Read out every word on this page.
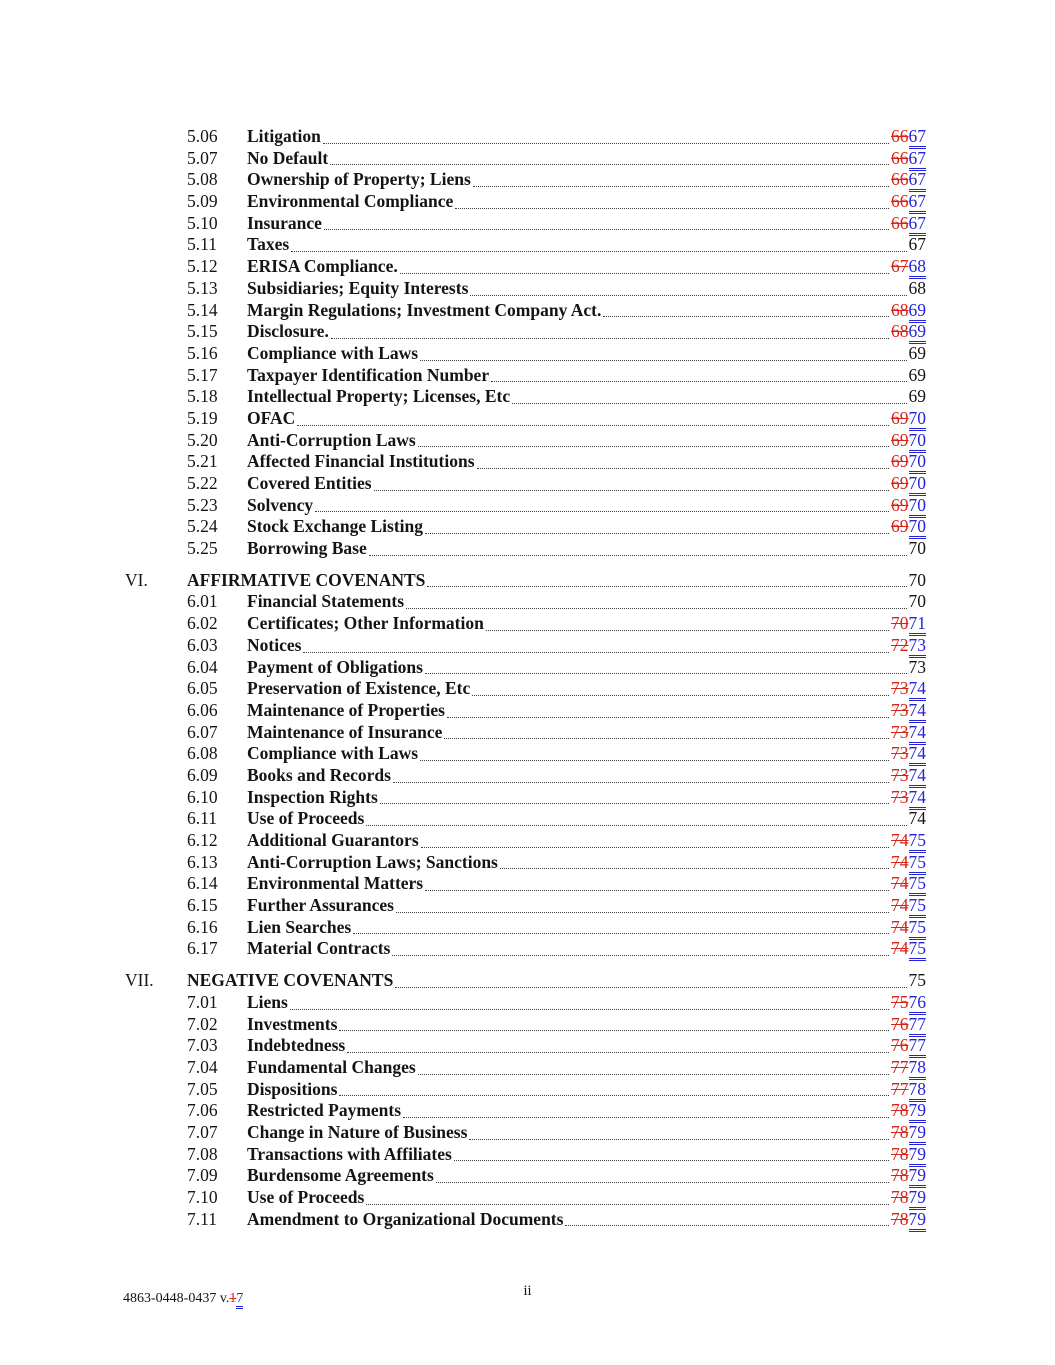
5.06	Litigation	6667
5.07	No Default	6667
5.08	Ownership of Property; Liens	6667
5.09	Environmental Compliance	6667
5.10	Insurance	6667
5.11	Taxes	67
5.12	ERISA Compliance.	6768
5.13	Subsidiaries; Equity Interests	68
5.14	Margin Regulations; Investment Company Act.	6869
5.15	Disclosure.	6869
5.16	Compliance with Laws	69
5.17	Taxpayer Identification Number	69
5.18	Intellectual Property; Licenses, Etc	69
5.19	OFAC	6970
5.20	Anti-Corruption Laws	6970
5.21	Affected Financial Institutions	6970
5.22	Covered Entities	6970
5.23	Solvency	6970
5.24	Stock Exchange Listing	6970
5.25	Borrowing Base	70
VI.	AFFIRMATIVE COVENANTS	70
6.01	Financial Statements	70
6.02	Certificates; Other Information	7071
6.03	Notices	7273
6.04	Payment of Obligations	73
6.05	Preservation of Existence, Etc	7374
6.06	Maintenance of Properties	7374
6.07	Maintenance of Insurance	7374
6.08	Compliance with Laws	7374
6.09	Books and Records	7374
6.10	Inspection Rights	7374
6.11	Use of Proceeds	74
6.12	Additional Guarantors	7475
6.13	Anti-Corruption Laws; Sanctions	7475
6.14	Environmental Matters	7475
6.15	Further Assurances	7475
6.16	Lien Searches	7475
6.17	Material Contracts	7475
VII.	NEGATIVE COVENANTS	75
7.01	Liens	7576
7.02	Investments	7677
7.03	Indebtedness	7677
7.04	Fundamental Changes	7778
7.05	Dispositions	7778
7.06	Restricted Payments	7879
7.07	Change in Nature of Business	7879
7.08	Transactions with Affiliates	7879
7.09	Burdensome Agreements	7879
7.10	Use of Proceeds	7879
7.11	Amendment to Organizational Documents	7879
ii
4863-0448-0437 v.17
